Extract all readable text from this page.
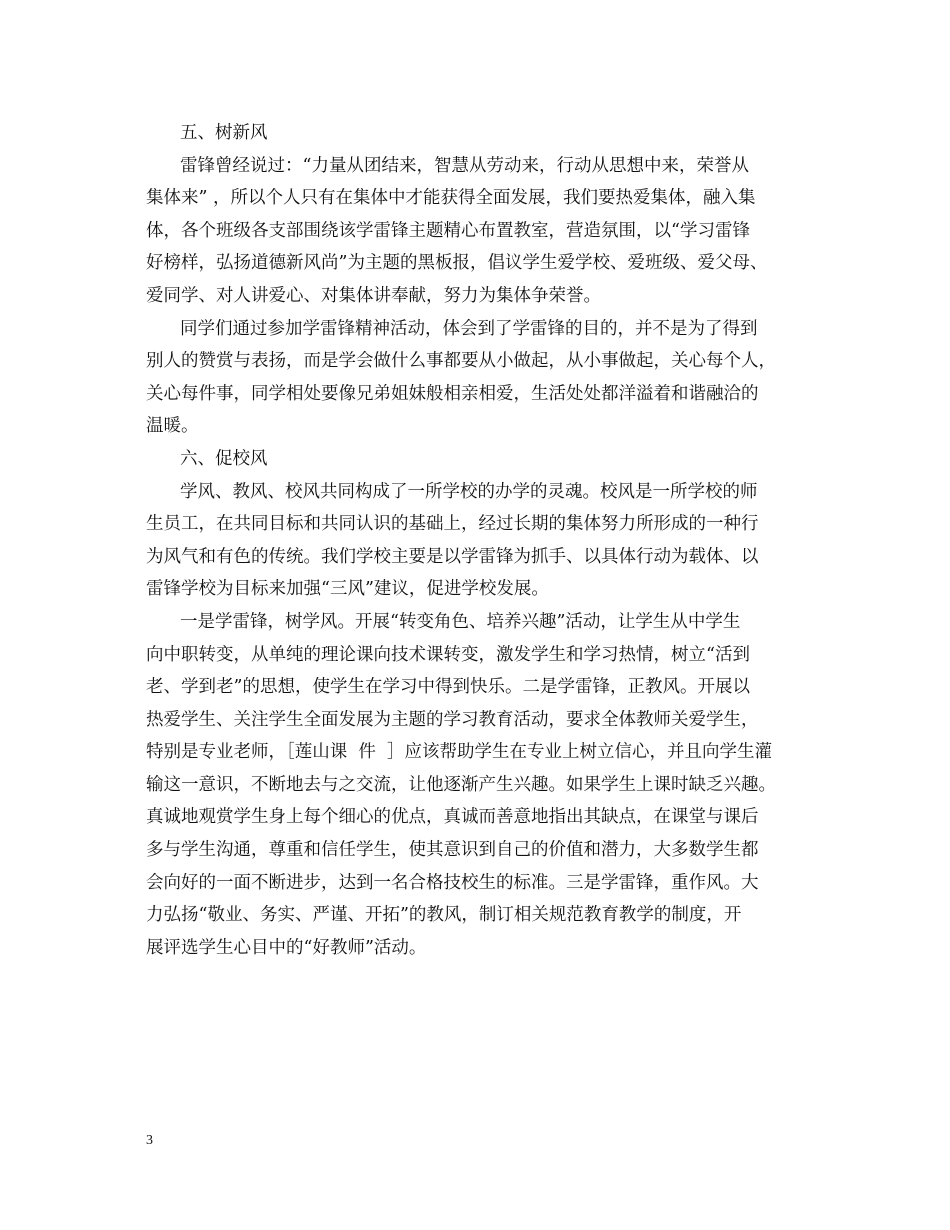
五、树新风
雷锋曾经说过：“力量从团结来，智慧从劳动来，行动从思想中来，荣誉从
集体来” ，所以个人只有在集体中才能获得全面发展，我们要热爱集体，融入集
体，各个班级各支部围绕该学雷锋主题精心布置教室，营造氛围，以“学习雷锋
好榜样，弘扬道德新风尚”为主题的黑板报，倡议学生爱学校、爱班级、爱父母、
爱同学、对人讲爱心、对集体讲奉献，努力为集体争荣誉。
同学们通过参加学雷锋精神活动，体会到了学雷锋的目的，并不是为了得到
别人的赞赏与表扬，而是学会做什么事都要从小做起，从小事做起，关心每个人，
关心每件事，同学相处要像兄弟姐妹般相亲相爱，生活处处都洋溢着和谐融洽的
温暖。
六、促校风
学风、教风、校风共同构成了一所学校的办学的灵魂。校风是一所学校的师
生员工，在共同目标和共同认识的基础上，经过长期的集体努力所形成的一种行
为风气和有色的传统。我们学校主要是以学雷锋为抓手、以具体行动为载体、以
雷锋学校为目标来加强“三风”建议，促进学校发展。
一是学雷锋，树学风。开展“转变角色、培养兴趣”活动，让学生从中学生
向中职转变，从单纯的理论课向技术课转变，激发学生和学习热情，树立“活到
老、学到老”的思想，使学生在学习中得到快乐。二是学雷锋，正教风。开展以
热爱学生、关注学生全面发展为主题的学习教育活动，要求全体教师关爱学生，
特别是专业老师，［莲山课  件  ］应该帮助学生在专业上树立信心，并且向学生灌
输这一意识，不断地去与之交流，让他逐渐产生兴趣。如果学生上课时缺乏兴趣。
真诚地观赏学生身上每个细心的优点，真诚而善意地指出其缺点，在课堂与课后
多与学生沟通，尊重和信任学生，使其意识到自己的价值和潜力，大多数学生都
会向好的一面不断进步，达到一名合格技校生的标准。三是学雷锋，重作风。大
力弘扬“敬业、务实、严谨、开拓”的教风，制订相关规范教育教学的制度，开
展评选学生心目中的“好教师”活动。
3
